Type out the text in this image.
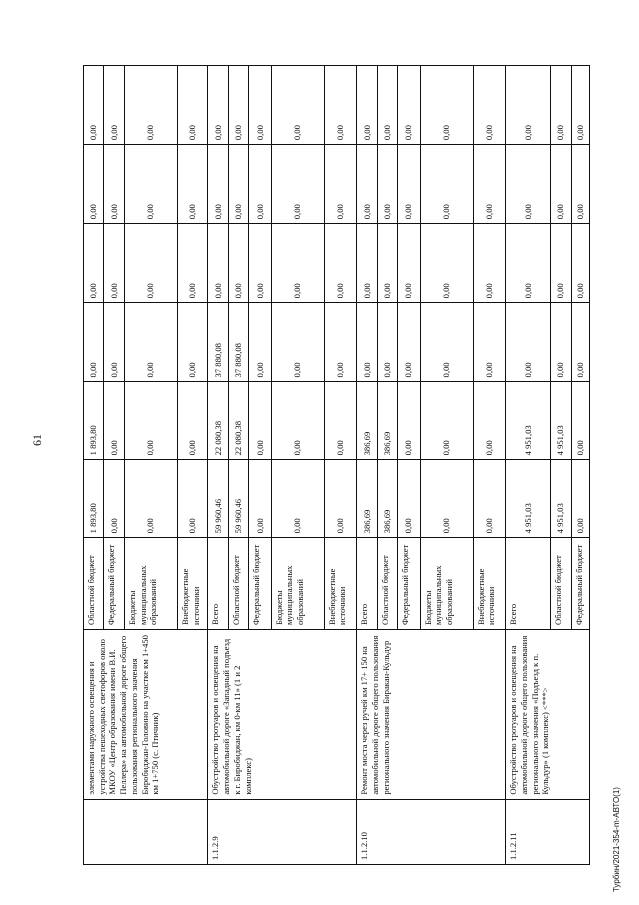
61
	элементами наружного освещения и устройства пешеходных светофоров около МКОУ «Центр образования имени В.И. Пеллера» на автомобильной дороге общего пользования регионального значения Биробиджан-Головино на участке км 1+450 км 1+750 (с. Птичник)	Областной бюджет	1 893,80	1 893,80	0,00	0,00	0,00	0,00
		Федеральный бюджет	0,00	0,00	0,00	0,00	0,00	0,00
		Бюджеты муниципальных образований	0,00	0,00	0,00	0,00	0,00	0,00
		Внебюджетные источники	0,00	0,00	0,00	0,00	0,00	0,00
1.1.2.9	Обустройство тротуаров и освещения на автомобильной дороге «Западный подъезд к г. Биробиджан, км 0-км 11» (1 и 2 комплекс)	Всего	59 960,46	22 080,38	37 880,08	0,00	0,00	0,00
		Областной бюджет	59 960,46	22 080,38	37 880,08	0,00	0,00	0,00
		Федеральный бюджет	0,00	0,00	0,00	0,00	0,00	0,00
		Бюджеты муниципальных образований	0,00	0,00	0,00	0,00	0,00	0,00
		Внебюджетные источники	0,00	0,00	0,00	0,00	0,00	0,00
1.1.2.10	Ремонт моста через ручей км 17+ 150 на автомобильной дороге общего пользования регионального значения Биракан-Кульдур	Всего	386,69	386,69	0,00	0,00	0,00	0,00
		Областной бюджет	386,69	386,69	0,00	0,00	0,00	0,00
		Федеральный бюджет	0,00	0,00	0,00	0,00	0,00	0,00
		Бюджеты муниципальных образований	0,00	0,00	0,00	0,00	0,00	0,00
		Внебюджетные источники	0,00	0,00	0,00	0,00	0,00	0,00
1.1.2.11	Обустройство тротуаров и освещения на автомобильной дороге общего пользования регионального значения «Подъезд к п. Кульдур» (1 комплекс) <***>	Всего	4 951,03	4 951,03	0,00	0,00	0,00	0,00
		Областной бюджет	4 951,03	4 951,03	0,00	0,00	0,00	0,00
		Федеральный бюджет	0,00	0,00	0,00	0,00	0,00	0,00
Турбин/2021-354-m-АВТО(1)
